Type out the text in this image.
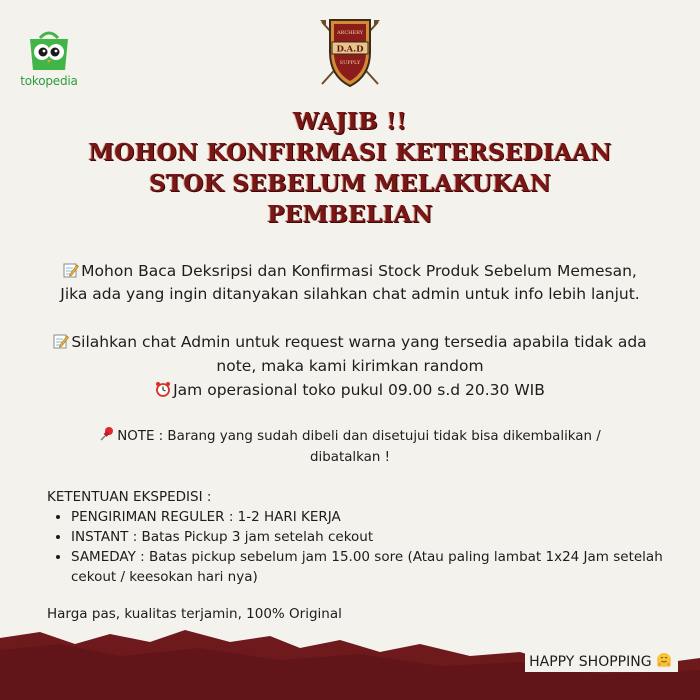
tokopedia
ARCHERY
D.A.D
SUPPLY
WAJIB !!
MOHON KONFIRMASI KETERSEDIAAN
STOK SEBELUM MELAKUKAN
PEMBELIAN
Mohon Baca Deksripsi dan Konfirmasi Stock Produk Sebelum Memesan,
Jika ada yang ingin ditanyakan silahkan chat admin untuk info lebih lanjut.
Silahkan chat Admin untuk request warna yang tersedia apabila tidak ada
note, maka kami kirimkan random
Jam operasional toko pukul 09.00 s.d 20.30 WIB
NOTE : Barang yang sudah dibeli dan disetujui tidak bisa dikembalikan /
dibatalkan !
KETENTUAN EKSPEDISI :
• PENGIRIMAN REGULER : 1-2 HARI KERJA
• INSTANT : Batas Pickup 3 jam setelah cekout
• SAMEDAY : Batas pickup sebelum jam 15.00 sore (Atau paling lambat 1x24 Jam setelah cekout / keesokan hari nya)
Harga pas, kualitas terjamin, 100% Original
HAPPY SHOPPING
